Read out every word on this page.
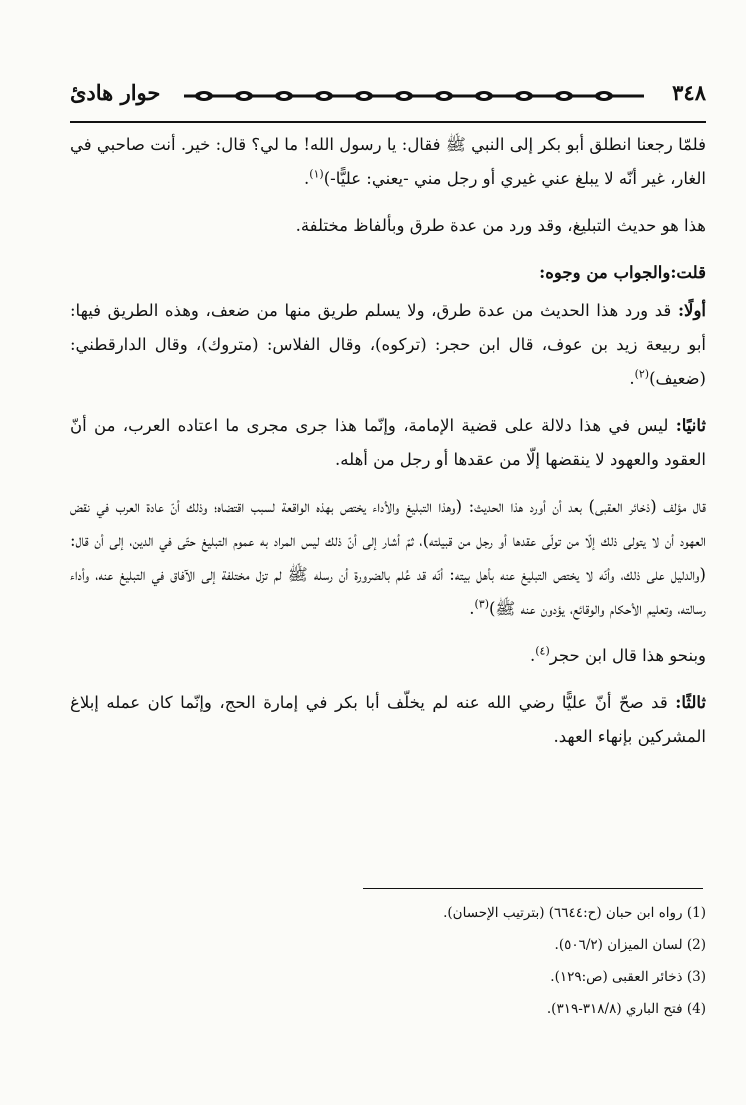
٣٤٨
حوار هادئ

فلمّا رجعنا انطلق أبو بكر إلى النبي ﷺ فقال: يا رسول الله! ما لي؟ قال: خير. أنت صاحبي في الغار، غير أنّه لا يبلغ عني غيري أو رجل مني -يعني: عليًّا-)$^{(١)}$.

هذا هو حديث التبليغ، وقد ورد من عدة طرق وبألفاظ مختلفة.

قلت:والجواب من وجوه:

أولًا: قد ورد هذا الحديث من عدة طرق، ولا يسلم طريق منها من ضعف، وهذه الطريق فيها: أبو ربيعة زيد بن عوف، قال ابن حجر: (تركوه)، وقال الفلاس: (متروك)، وقال الدارقطني: (ضعيف)$^{(٢)}$.

ثانيًا: ليس في هذا دلالة على قضية الإمامة، وإنّما هذا جرى مجرى ما اعتاده العرب، من أنّ العقود والعهود لا ينقضها إلّا من عقدها أو رجل من أهله.

قال مؤلف (ذخائر العقبى) بعد أن أورد هذا الحديث: (وهذا التبليغ والأداء يختص بهذه الواقعة لسبب اقتضاه؛ وذلك أنّ عادة العرب في نقض العهود أن لا يتولى ذلك إلّا من تولّى عقدها أو رجل من قبيلته)، ثمّ أشار إلى أنّ ذلك ليس المراد به عموم التبليغ حتّى في الدين، إلى أن قال: (والدليل على ذلك، وأنّه لا يختص التبليغ عنه بأهل بيته: أنّه قد عُلم بالضرورة أن رسله ﷺ لم تزل مختلفة إلى الآفاق في التبليغ عنه، وأداء رسالته، وتعليم الأحكام والوقائع، يؤدون عنه ﷺ)$^{(٣)}$.

وبنحو هذا قال ابن حجر$^{(٤)}$.

ثالثًا: قد صحّ أنّ عليًّا رضي الله عنه لم يخلّف أبا بكر في إمارة الحج، وإنّما كان عمله إبلاغ المشركين بإنهاء العهد.

(1) رواه ابن حبان (ح:٦٦٤٤) (بترتيب الإحسان).
(2) لسان الميزان (٥٠٦/٢).
(3) ذخائر العقبى (ص:١٢٩).
(4) فتح الباري (٣١٨/٨-٣١٩).
